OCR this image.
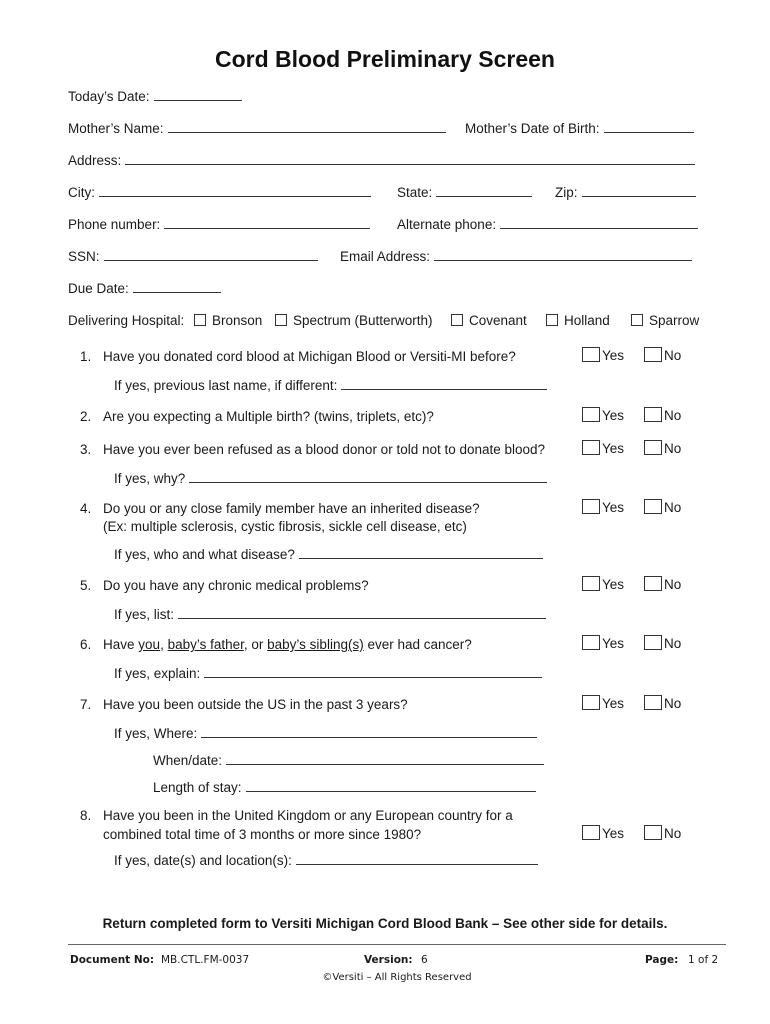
Cord Blood Preliminary Screen
Today’s Date:
Mother’s Name:	Mother’s Date of Birth:
Address:
City:	State:	Zip:
Phone number:	Alternate phone:
SSN:	Email Address:
Due Date:
Delivering Hospital:	Bronson	Spectrum (Butterworth)	Covenant	Holland	Sparrow
1. Have you donated cord blood at Michigan Blood or Versiti-MI before?	Yes	No
If yes, previous last name, if different:
2. Are you expecting a Multiple birth? (twins, triplets, etc)?	Yes	No
3. Have you ever been refused as a blood donor or told not to donate blood?	Yes	No
If yes, why?
4. Do you or any close family member have an inherited disease?
(Ex: multiple sclerosis, cystic fibrosis, sickle cell disease, etc)
Yes	No
If yes, who and what disease?
5. Do you have any chronic medical problems?	Yes	No
If yes, list:
6. Have you, baby’s father, or baby’s sibling(s) ever had cancer?	Yes	No
If yes, explain:
7. Have you been outside the US in the past 3 years?	Yes	No
If yes, Where:
When/date:
Length of stay:
8. Have you been in the United Kingdom or any European country for a
combined total time of 3 months or more since 1980?	Yes	No
If yes, date(s) and location(s):
Return completed form to Versiti Michigan Cord Blood Bank – See other side for details.
Document No: MB.CTL.FM-0037	Version: 6	Page: 1 of 2
©Versiti – All Rights Reserved
